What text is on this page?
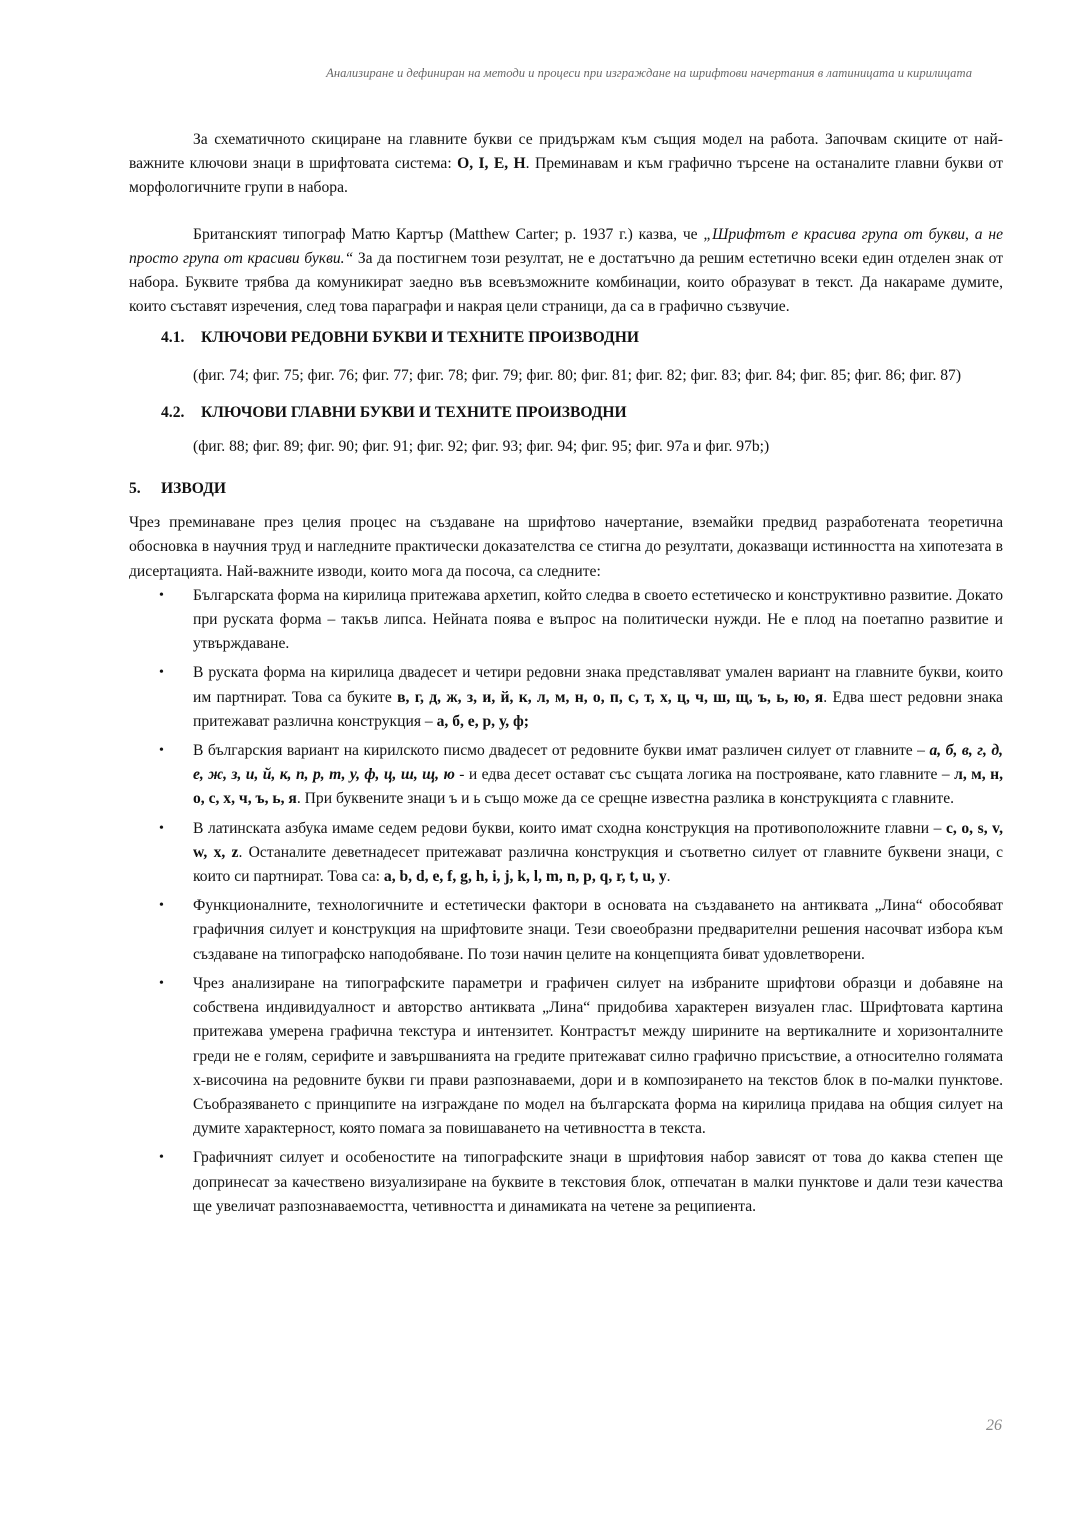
Анализиране и дефиниран на методи и процеси при изграждане на шрифтови начертания в латиницата и кирилицата

За схематичното скициране на главните букви се придържам към същия модел на работа. Започвам скиците от най-важните ключови знаци в шрифтовата система: О, I, Е, Н. Преминавам и към графично търсене на останалите главни букви от морфологичните групи в набора.

Британският типограф Матю Картър (Matthew Carter; р. 1937 г.) казва, че „Шрифтът е красива група от букви, а не просто група от красиви букви.“ За да постигнем този резултат, не е достатъчно да решим естетично всеки един отделен знак от набора. Буквите трябва да комуникират заедно във всевъзможните комбинации, които образуват в текст. Да накараме думите, които съставят изречения, след това параграфи и накрая цели страници, да са в графично съзвучие.

4.1. КЛЮЧОВИ РЕДОВНИ БУКВИ И ТЕХНИТЕ ПРОИЗВОДНИ

(фиг. 74; фиг. 75; фиг. 76; фиг. 77; фиг. 78; фиг. 79; фиг. 80; фиг. 81; фиг. 82; фиг. 83; фиг. 84; фиг. 85; фиг. 86; фиг. 87)

4.2. КЛЮЧОВИ ГЛАВНИ БУКВИ И ТЕХНИТЕ ПРОИЗВОДНИ

(фиг. 88; фиг. 89; фиг. 90; фиг. 91; фиг. 92; фиг. 93; фиг. 94; фиг. 95; фиг. 97а и фиг. 97b;)

5. ИЗВОДИ

Чрез преминаване през целия процес на създаване на шрифтово начертание, вземайки предвид разработената теоретична обосновка в научния труд и нагледните практически доказателства се стигна до резултати, доказващи истинността на хипотезата в дисертацията. Най-важните изводи, които мога да посоча, са следните:

• Българската форма на кирилица притежава архетип, който следва в своето естетическо и конструктивно развитие. Докато при руската форма – такъв липса. Нейната поява е въпрос на политически нужди. Не е плод на поетапно развитие и утвърждаване.
• В руската форма на кирилица двадесет и четири редовни знака представляват умален вариант на главните букви, които им партнират. Това са букитe в, г, д, ж, з, и, й, к, л, м, н, о, п, с, т, х, ц, ч, ш, щ, ъ, ь, ю, я. Едва шест редовни знака притежават различна конструкция – а, б, е, р, у, ф;
• В българския вариант на кирилското писмо двадесет от редовните букви имат различен силует от главните – а, б, в, г, д, е, ж, з, и, й, к, п, р, т, у, ф, ц, ш, щ, ю - и едва десет остават със същата логика на построяване, като главните – л, м, н, о, с, х, ч, ъ, ь, я. При буквените знаци ъ и ь също може да се срещне известна разлика в конструкцията с главните.
• В латинската азбука имаме седем редови букви, които имат сходна конструкция на противоположните главни – c, o, s, v, w, x, z. Останалите деветнадесет притежават различна конструкция и съответно силует от главните буквени знаци, с които си партнират. Това са: a, b, d, e, f, g, h, i, j, k, l, m, n, p, q, r, t, u, y.
• Функционалните, технологичните и естетически фактори в основата на създаването на антиквата „Лина“ обособяват графичния силует и конструкция на шрифтовите знаци. Тези своеобразни предварителни решения насочват избора към създаване на типографско наподобяване. По този начин целите на концепцията биват удовлетворени.
• Чрез анализиране на типографските параметри и графичен силует на избраните шрифтови образци и добавяне на собствена индивидуалност и авторство антиквата „Лина“ придобива характерен визуален глас. Шрифтовата картина притежава умерена графична текстура и интензитет. Контрастът между ширините на вертикалните и хоризонталните греди не е голям, серифите и завършванията на гредите притежават силно графично присъствие, а относително голямата x-височина на редовните букви ги прави разпознаваеми, дори и в композирането на текстов блок в по-малки пунктове. Съобразяването с принципите на изграждане по модел на българската форма на кирилица придава на общия силует на думите характерност, която помага за повишаването на четивността в текста.
• Графичният силует и особеностите на типографските знаци в шрифтовия набор зависят от това до каква степен ще допринесат за качествено визуализиране на буквите в текстовия блок, отпечатан в малки пунктове и дали тези качества ще увеличат разпознаваемостта, четивността и динамиката на четене за реципиента.
26
